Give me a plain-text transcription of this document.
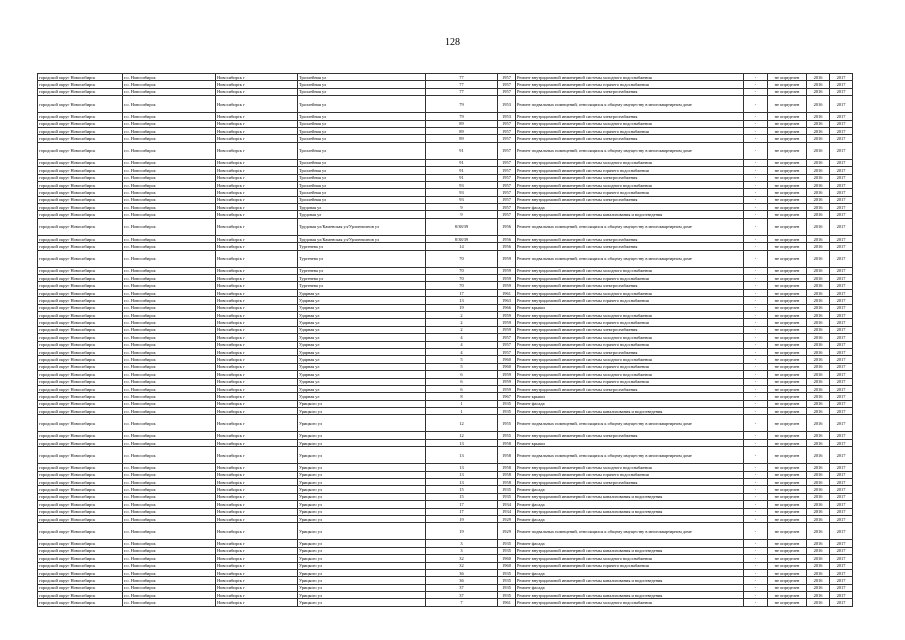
128
городской округ Новосибирск	г.о. Новосибирск	Новосибирск г	Троллейная ул	77	1957	Ремонт внутридомовой инженерной системы холодного водоснабжения	-	не определен	2016	2017
городской округ Новосибирск	г.о. Новосибирск	Новосибирск г	Троллейная ул	77	1957	Ремонт внутридомовой инженерной системы горячего водоснабжения	-	не определен	2016	2017
городской округ Новосибирск	г.о. Новосибирск	Новосибирск г	Троллейная ул	77	1957	Ремонт внутридомовой инженерной системы электроснабжения	-	не определен	2016	2017
городской округ Новосибирск	г.о. Новосибирск	Новосибирск г	Троллейная ул	79	1953	Ремонт подвальных помещений, относящихся к общему имуществу в многоквартирном доме	-	не определен	2016	2017
городской округ Новосибирск	г.о. Новосибирск	Новосибирск г	Троллейная ул	79	1953	Ремонт внутридомовой инженерной системы электроснабжения	-	не определен	2016	2017
городской округ Новосибирск	г.о. Новосибирск	Новосибирск г	Троллейная ул	89	1957	Ремонт внутридомовой инженерной системы холодного водоснабжения	-	не определен	2016	2017
городской округ Новосибирск	г.о. Новосибирск	Новосибирск г	Троллейная ул	89	1957	Ремонт внутридомовой инженерной системы горячего водоснабжения	-	не определен	2016	2017
городской округ Новосибирск	г.о. Новосибирск	Новосибирск г	Троллейная ул	89	1957	Ремонт внутридомовой инженерной системы электроснабжения	-	не определен	2016	2017
городской округ Новосибирск	г.о. Новосибирск	Новосибирск г	Троллейная ул	91	1957	Ремонт подвальных помещений, относящихся к общему имуществу в многоквартирном доме	-	не определен	2016	2017
городской округ Новосибирск	г.о. Новосибирск	Новосибирск г	Троллейная ул	91	1957	Ремонт внутридомовой инженерной системы холодного водоснабжения	-	не определен	2016	2017
городской округ Новосибирск	г.о. Новосибирск	Новосибирск г	Троллейная ул	91	1957	Ремонт внутридомовой инженерной системы горячего водоснабжения	-	не определен	2016	2017
городской округ Новосибирск	г.о. Новосибирск	Новосибирск г	Троллейная ул	91	1957	Ремонт внутридомовой инженерной системы электроснабжения	-	не определен	2016	2017
городской округ Новосибирск	г.о. Новосибирск	Новосибирск г	Троллейная ул	93	1957	Ремонт внутридомовой инженерной системы холодного водоснабжения	-	не определен	2016	2017
городской округ Новосибирск	г.о. Новосибирск	Новосибирск г	Троллейная ул	93	1957	Ремонт внутридомовой инженерной системы горячего водоснабжения	-	не определен	2016	2017
городской округ Новосибирск	г.о. Новосибирск	Новосибирск г	Троллейная ул	93	1957	Ремонт внутридомовой инженерной системы электроснабжения	-	не определен	2016	2017
городской округ Новосибирск	г.о. Новосибирск	Новосибирск г	Трудовая ул	9	1957	Ремонт фасада	-	не определен	2016	2017
городской округ Новосибирск	г.о. Новосибирск	Новосибирск г	Трудовая ул	9	1957	Ремонт внутридомовой инженерной системы канализования и водоотведения	-	не определен	2016	2017
городской округ Новосибирск	г.о. Новосибирск	Новосибирск г	Трудовая ул/Каменская ул/Урлоннолнов ул	8/38/39	1956	Ремонт подвальных помещений, относящихся к общему имуществу в многоквартирном доме	-	не определен	2016	2017
городской округ Новосибирск	г.о. Новосибирск	Новосибирск г	Трудовая ул/Каменская ул/Урлоннолнов ул	8/38/39	1956	Ремонт внутридомовой инженерной системы электроснабжения	-	не определен	2016	2017
городской округ Новосибирск	г.о. Новосибирск	Новосибирск г	Тургенева ул	14	1956	Ремонт внутридомовой инженерной системы электроснабжения	-	не определен	2016	2017
городской округ Новосибирск	г.о. Новосибирск	Новосибирск г	Тургенева ул	70	1959	Ремонт подвальных помещений, относящихся к общему имуществу в многоквартирном доме	-	не определен	2016	2017
городской округ Новосибирск	г.о. Новосибирск	Новосибирск г	Тургенева ул	70	1959	Ремонт внутридомовой инженерной системы холодного водоснабжения	-	не определен	2016	2017
городской округ Новосибирск	г.о. Новосибирск	Новосибирск г	Тургенева ул	70	1959	Ремонт внутридомовой инженерной системы горячего водоснабжения	-	не определен	2016	2017
городской округ Новосибирск	г.о. Новосибирск	Новосибирск г	Тургенева ул	70	1959	Ремонт внутридомовой инженерной системы электроснабжения	-	не определен	2016	2017
городской округ Новосибирск	г.о. Новосибирск	Новосибирск г	Ударная ул	17	1961	Ремонт внутридомовой инженерной системы холодного водоснабжения	-	не определен	2016	2017
городской округ Новосибирск	г.о. Новосибирск	Новосибирск г	Ударная ул	13	1963	Ремонт внутридомовой инженерной системы горячего водоснабжения	-	не определен	2016	2017
городской округ Новосибирск	г.о. Новосибирск	Новосибирск г	Ударная ул	19	1966	Ремонт крыши	-	не определен	2016	2017
городской округ Новосибирск	г.о. Новосибирск	Новосибирск г	Ударная ул	2	1959	Ремонт внутридомовой инженерной системы холодного водоснабжения	-	не определен	2016	2017
городской округ Новосибирск	г.о. Новосибирск	Новосибирск г	Ударная ул	2	1959	Ремонт внутридомовой инженерной системы горячего водоснабжения	-	не определен	2016	2017
городской округ Новосибирск	г.о. Новосибирск	Новосибирск г	Ударная ул	2	1959	Ремонт внутридомовой инженерной системы электроснабжения	-	не определен	2016	2017
городской округ Новосибирск	г.о. Новосибирск	Новосибирск г	Ударная ул	4	1957	Ремонт внутридомовой инженерной системы холодного водоснабжения	-	не определен	2016	2017
городской округ Новосибирск	г.о. Новосибирск	Новосибирск г	Ударная ул	4	1957	Ремонт внутридомовой инженерной системы горячего водоснабжения	-	не определен	2016	2017
городской округ Новосибирск	г.о. Новосибирск	Новосибирск г	Ударная ул	4	1957	Ремонт внутридомовой инженерной системы электроснабжения	-	не определен	2016	2017
городской округ Новосибирск	г.о. Новосибирск	Новосибирск г	Ударная ул	5	1960	Ремонт внутридомовой инженерной системы холодного водоснабжения	-	не определен	2016	2017
городской округ Новосибирск	г.о. Новосибирск	Новосибирск г	Ударная ул	5	1960	Ремонт внутридомовой инженерной системы горячего водоснабжения	-	не определен	2016	2017
городской округ Новосибирск	г.о. Новосибирск	Новосибирск г	Ударная ул	6	1959	Ремонт внутридомовой инженерной системы холодного водоснабжения	-	не определен	2016	2017
городской округ Новосибирск	г.о. Новосибирск	Новосибирск г	Ударная ул	6	1959	Ремонт внутридомовой инженерной системы горячего водоснабжения	-	не определен	2016	2017
городской округ Новосибирск	г.о. Новосибирск	Новосибирск г	Ударная ул	6	1959	Ремонт внутридомовой инженерной системы электроснабжения	-	не определен	2016	2017
городской округ Новосибирск	г.о. Новосибирск	Новосибирск г	Ударная ул	8	1967	Ремонт крыши	-	не определен	2016	2017
городской округ Новосибирск	г.о. Новосибирск	Новосибирск г	Урицкого ул	1	1935	Ремонт фасада	-	не определен	2016	2017
городской округ Новосибирск	г.о. Новосибирск	Новосибирск г	Урицкого ул	1	1935	Ремонт внутридомовой инженерной системы канализования и водоотведения	-	не определен	2016	2017
городской округ Новосибирск	г.о. Новосибирск	Новосибирск г	Урицкого ул	12	1955	Ремонт подвальных помещений, относящихся к общему имуществу в многоквартирном доме	-	не определен	2016	2017
городской округ Новосибирск	г.о. Новосибирск	Новосибирск г	Урицкого ул	12	1955	Ремонт внутридомовой инженерной системы электроснабжения	-	не определен	2016	2017
городской округ Новосибирск	г.о. Новосибирск	Новосибирск г	Урицкого ул	13	1958	Ремонт крыши	-	не определен	2016	2017
городской округ Новосибирск	г.о. Новосибирск	Новосибирск г	Урицкого ул	13	1958	Ремонт подвальных помещений, относящихся к общему имуществу в многоквартирном доме	-	не определен	2016	2017
городской округ Новосибирск	г.о. Новосибирск	Новосибирск г	Урицкого ул	13	1958	Ремонт внутридомовой инженерной системы холодного водоснабжения	-	не определен	2016	2017
городской округ Новосибирск	г.о. Новосибирск	Новосибирск г	Урицкого ул	13	1958	Ремонт внутридомовой инженерной системы горячего водоснабжения	-	не определен	2016	2017
городской округ Новосибирск	г.о. Новосибирск	Новосибирск г	Урицкого ул	13	1958	Ремонт внутридомовой инженерной системы электроснабжения	-	не определен	2016	2017
городской округ Новосибирск	г.о. Новосибирск	Новосибирск г	Урицкого ул	15	1935	Ремонт фасада	-	не определен	2016	2017
городской округ Новосибирск	г.о. Новосибирск	Новосибирск г	Урицкого ул	15	1935	Ремонт внутридомовой инженерной системы канализования и водоотведения	-	не определен	2016	2017
городской округ Новосибирск	г.о. Новосибирск	Новосибирск г	Урицкого ул	17	1934	Ремонт фасада	-	не определен	2016	2017
городской округ Новосибирск	г.о. Новосибирск	Новосибирск г	Урицкого ул	17	1934	Ремонт внутридомовой инженерной системы канализования и водоотведения	-	не определен	2016	2017
городской округ Новосибирск	г.о. Новосибирск	Новосибирск г	Урицкого ул	19	1929	Ремонт фасада	-	не определен	2016	2017
городской округ Новосибирск	г.о. Новосибирск	Новосибирск г	Урицкого ул	19	1929	Ремонт подвальных помещений, относящихся к общему имуществу в многоквартирном доме	-	не определен	2016	2017
городской округ Новосибирск	г.о. Новосибирск	Новосибирск г	Урицкого ул	3	1935	Ремонт фасада	-	не определен	2016	2017
городской округ Новосибирск	г.о. Новосибирск	Новосибирск г	Урицкого ул	3	1935	Ремонт внутридомовой инженерной системы канализования и водоотведения	-	не определен	2016	2017
городской округ Новосибирск	г.о. Новосибирск	Новосибирск г	Урицкого ул	32	1960	Ремонт внутридомовой инженерной системы холодного водоснабжения	-	не определен	2016	2017
городской округ Новосибирск	г.о. Новосибирск	Новосибирск г	Урицкого ул	32	1960	Ремонт внутридомовой инженерной системы горячего водоснабжения	-	не определен	2016	2017
городской округ Новосибирск	г.о. Новосибирск	Новосибирск г	Урицкого ул	36	1935	Ремонт фасада	-	не определен	2016	2017
городской округ Новосибирск	г.о. Новосибирск	Новосибирск г	Урицкого ул	36	1935	Ремонт внутридомовой инженерной системы канализования и водоотведения	-	не определен	2016	2017
городской округ Новосибирск	г.о. Новосибирск	Новосибирск г	Урицкого ул	37	1935	Ремонт фасада	-	не определен	2016	2017
городской округ Новосибирск	г.о. Новосибирск	Новосибирск г	Урицкого ул	37	1935	Ремонт внутридомовой инженерной системы канализования и водоотведения	-	не определен	2016	2017
городской округ Новосибирск	г.о. Новосибирск	Новосибирск г	Урицкого ул	7	1961	Ремонт внутридомовой инженерной системы холодного водоснабжения	-	не определен	2016	2017
